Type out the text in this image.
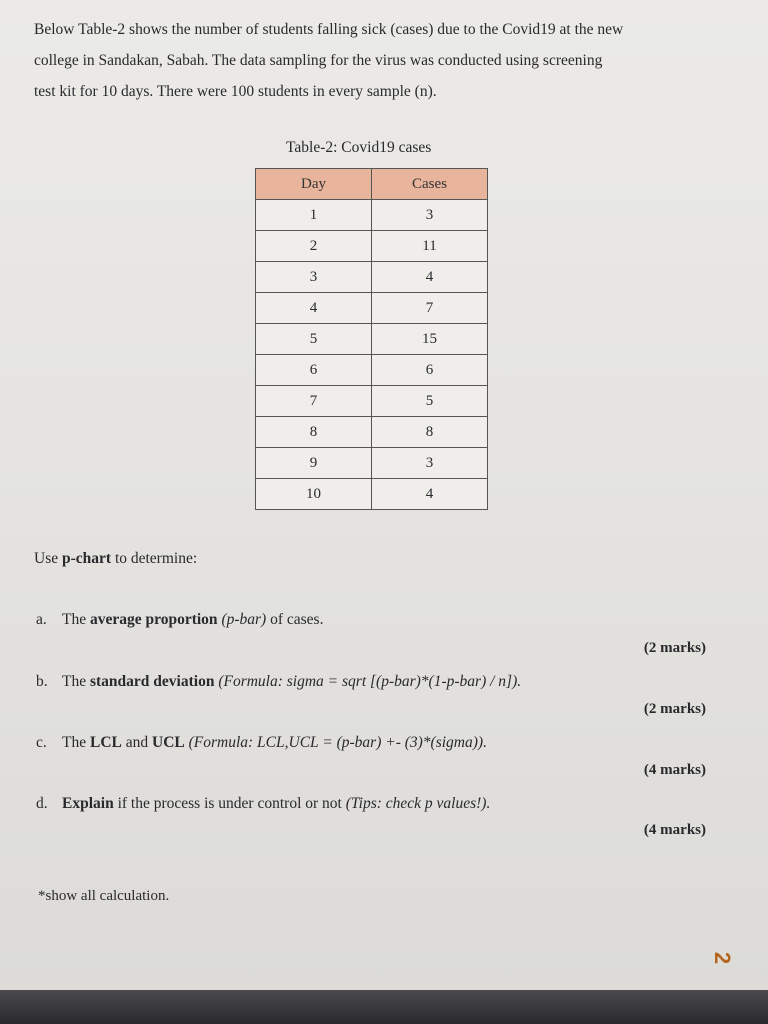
Below Table-2 shows the number of students falling sick (cases) due to the Covid19 at the new

college in Sandakan, Sabah. The data sampling for the virus was conducted using screening

test kit for 10 days. There were 100 students in every sample (n).

Table-2: Covid19 cases
Day	Cases
1	3
2	11
3	4
4	7
5	15
6	6
7	5
8	8
9	3
10	4
Use p-chart to determine:
a. The average proportion (p-bar) of cases.
(2 marks)
b. The standard deviation (Formula: sigma = sqrt [(p-bar)*(1-p-bar) / n]).
(2 marks)
c. The LCL and UCL (Formula: LCL,UCL = (p-bar) +- (3)*(sigma)).
(4 marks)
d. Explain if the process is under control or not (Tips: check p values!).
(4 marks)
*show all calculation.
2
